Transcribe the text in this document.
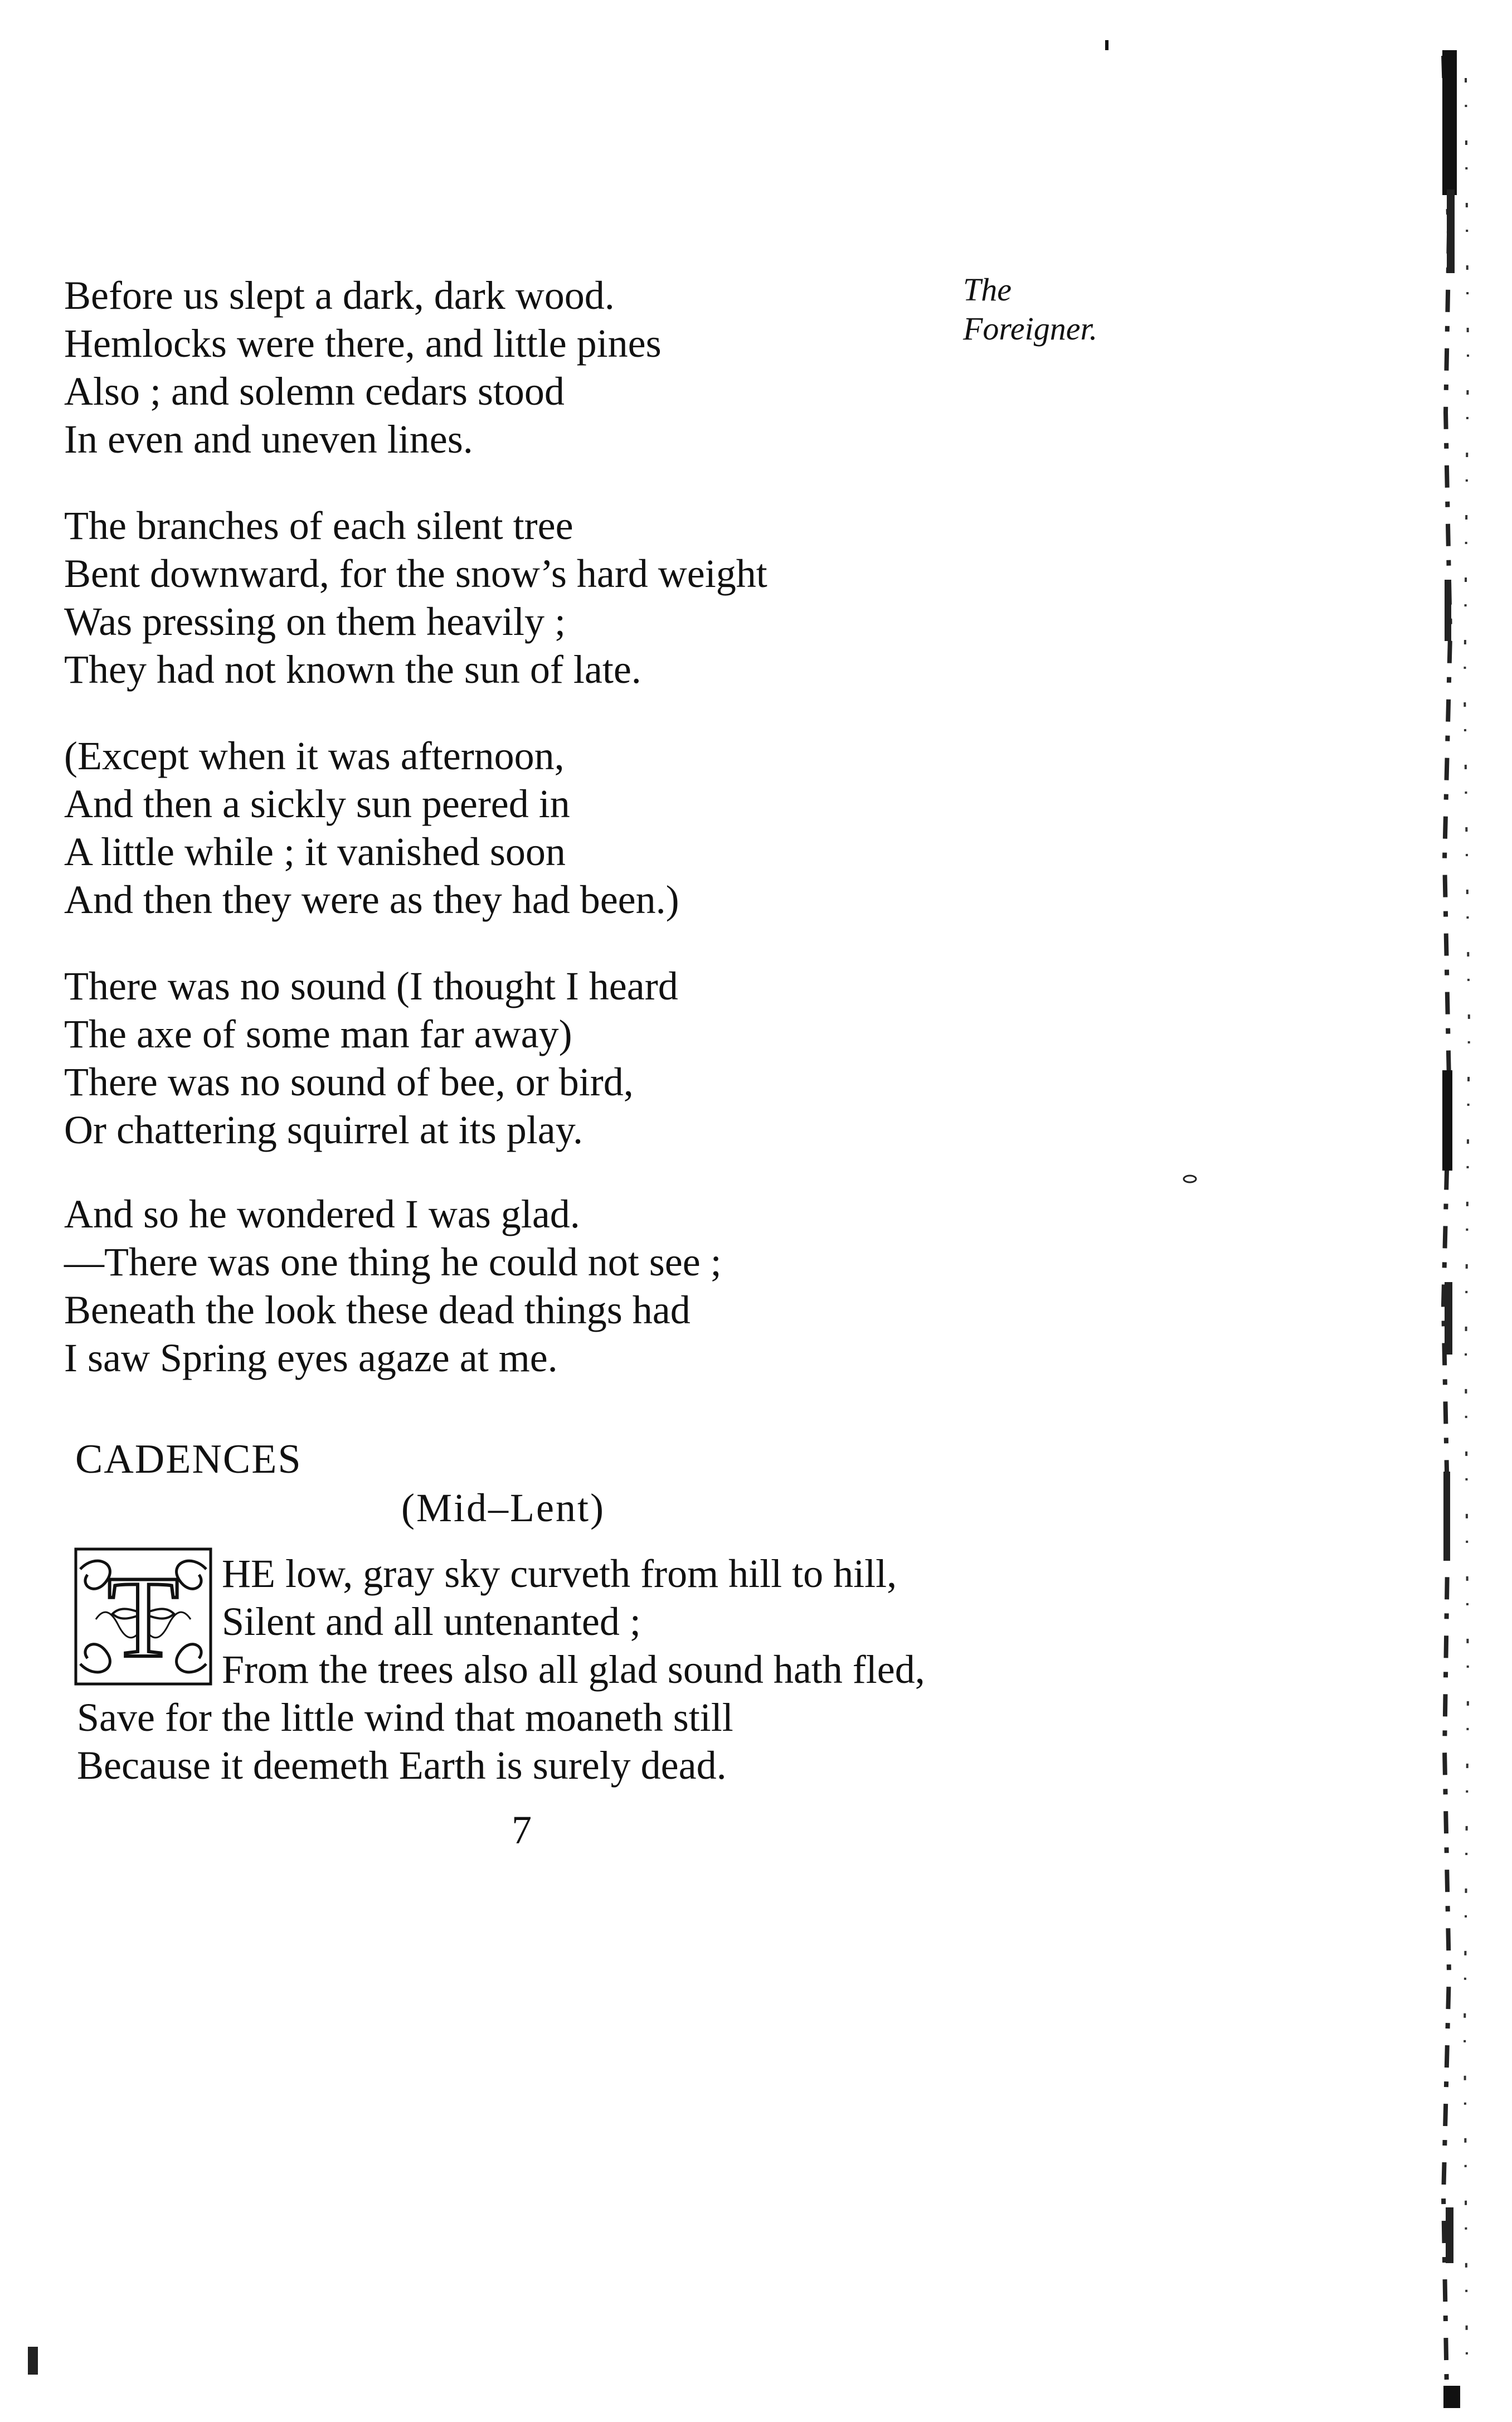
The
Foreigner.
Before us slept a dark, dark wood.
Hemlocks were there, and little pines
Also ; and solemn cedars stood
In even and uneven lines.
The branches of each silent tree
Bent downward, for the snow’s hard weight
Was pressing on them heavily ;
They had not known the sun of late.
(Except when it was afternoon,
And then a sickly sun peered in
A little while ; it vanished soon
And then they were as they had been.)
There was no sound (I thought I heard
The axe of some man far away)
There was no sound of bee, or bird,
Or chattering squirrel at its play.
And so he wondered I was glad.
—There was one thing he could not see ;
Beneath the look these dead things had
I saw Spring eyes agaze at me.
CADENCES
(Mid–Lent)
T HE low, gray sky curveth from hill to hill,
Silent and all untenanted ;
From the trees also all glad sound hath fled,
Save for the little wind that moaneth still
Because it deemeth Earth is surely dead.
7
